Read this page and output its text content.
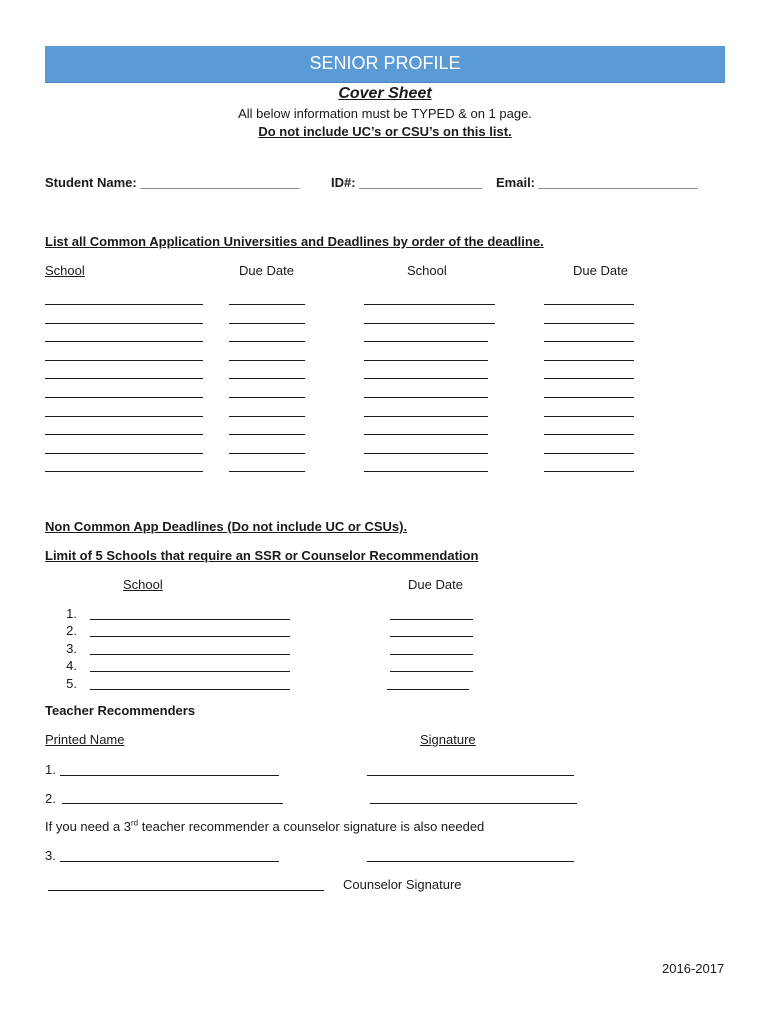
SENIOR PROFILE
Cover Sheet
All below information must be TYPED & on 1 page.
Do not include UC’s or CSU’s on this list.
Student Name: ______________________ ID#: _________________ Email: ______________________
List all Common Application Universities and Deadlines by order of the deadline.
School	Due Date	School	Due Date
Non Common App Deadlines (Do not include UC or CSUs).
Limit of 5 Schools that require an SSR or Counselor Recommendation
School	Due Date
1.
2.
3.
4.
5.
Teacher Recommenders
Printed Name	Signature
1.
2.
If you need a 3rd teacher recommender a counselor signature is also needed
3.
Counselor Signature
2016-2017
